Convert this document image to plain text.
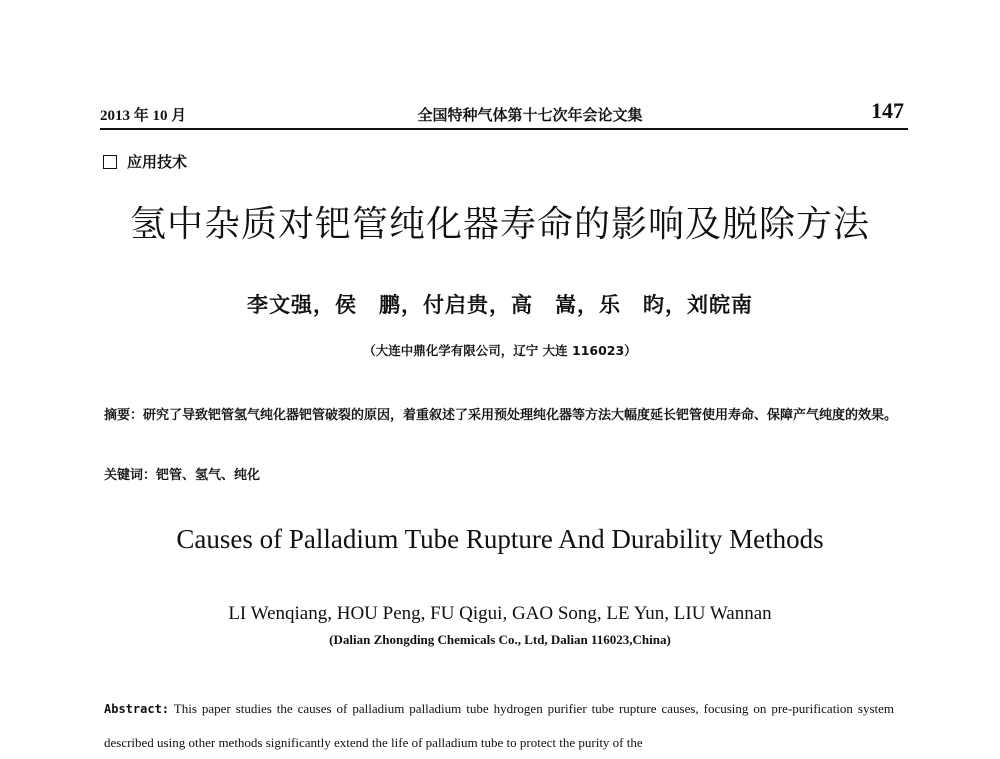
2013 年 10 月	全国特种气体第十七次年会论文集	147
应用技术
氢中杂质对钯管纯化器寿命的影响及脱除方法
李文强，侯　鹏，付启贵，高　嵩，乐　昀，刘皖南
（大连中鼎化学有限公司，辽宁 大连 116023）
摘要：研究了导致钯管氢气纯化器钯管破裂的原因，着重叙述了采用预处理纯化器等方法大幅度延长钯管使用寿命、保障产气纯度的效果。
关键词：钯管、氢气、纯化
Causes of Palladium Tube Rupture And Durability Methods
LI Wenqiang, HOU Peng, FU Qigui, GAO Song, LE Yun, LIU Wannan
(Dalian Zhongding Chemicals Co., Ltd, Dalian 116023,China)
Abstract: This paper studies the causes of palladium palladium tube hydrogen purifier tube rupture causes, focusing on pre-purification system described using other methods significantly extend the life of palladium tube to protect the purity of the
